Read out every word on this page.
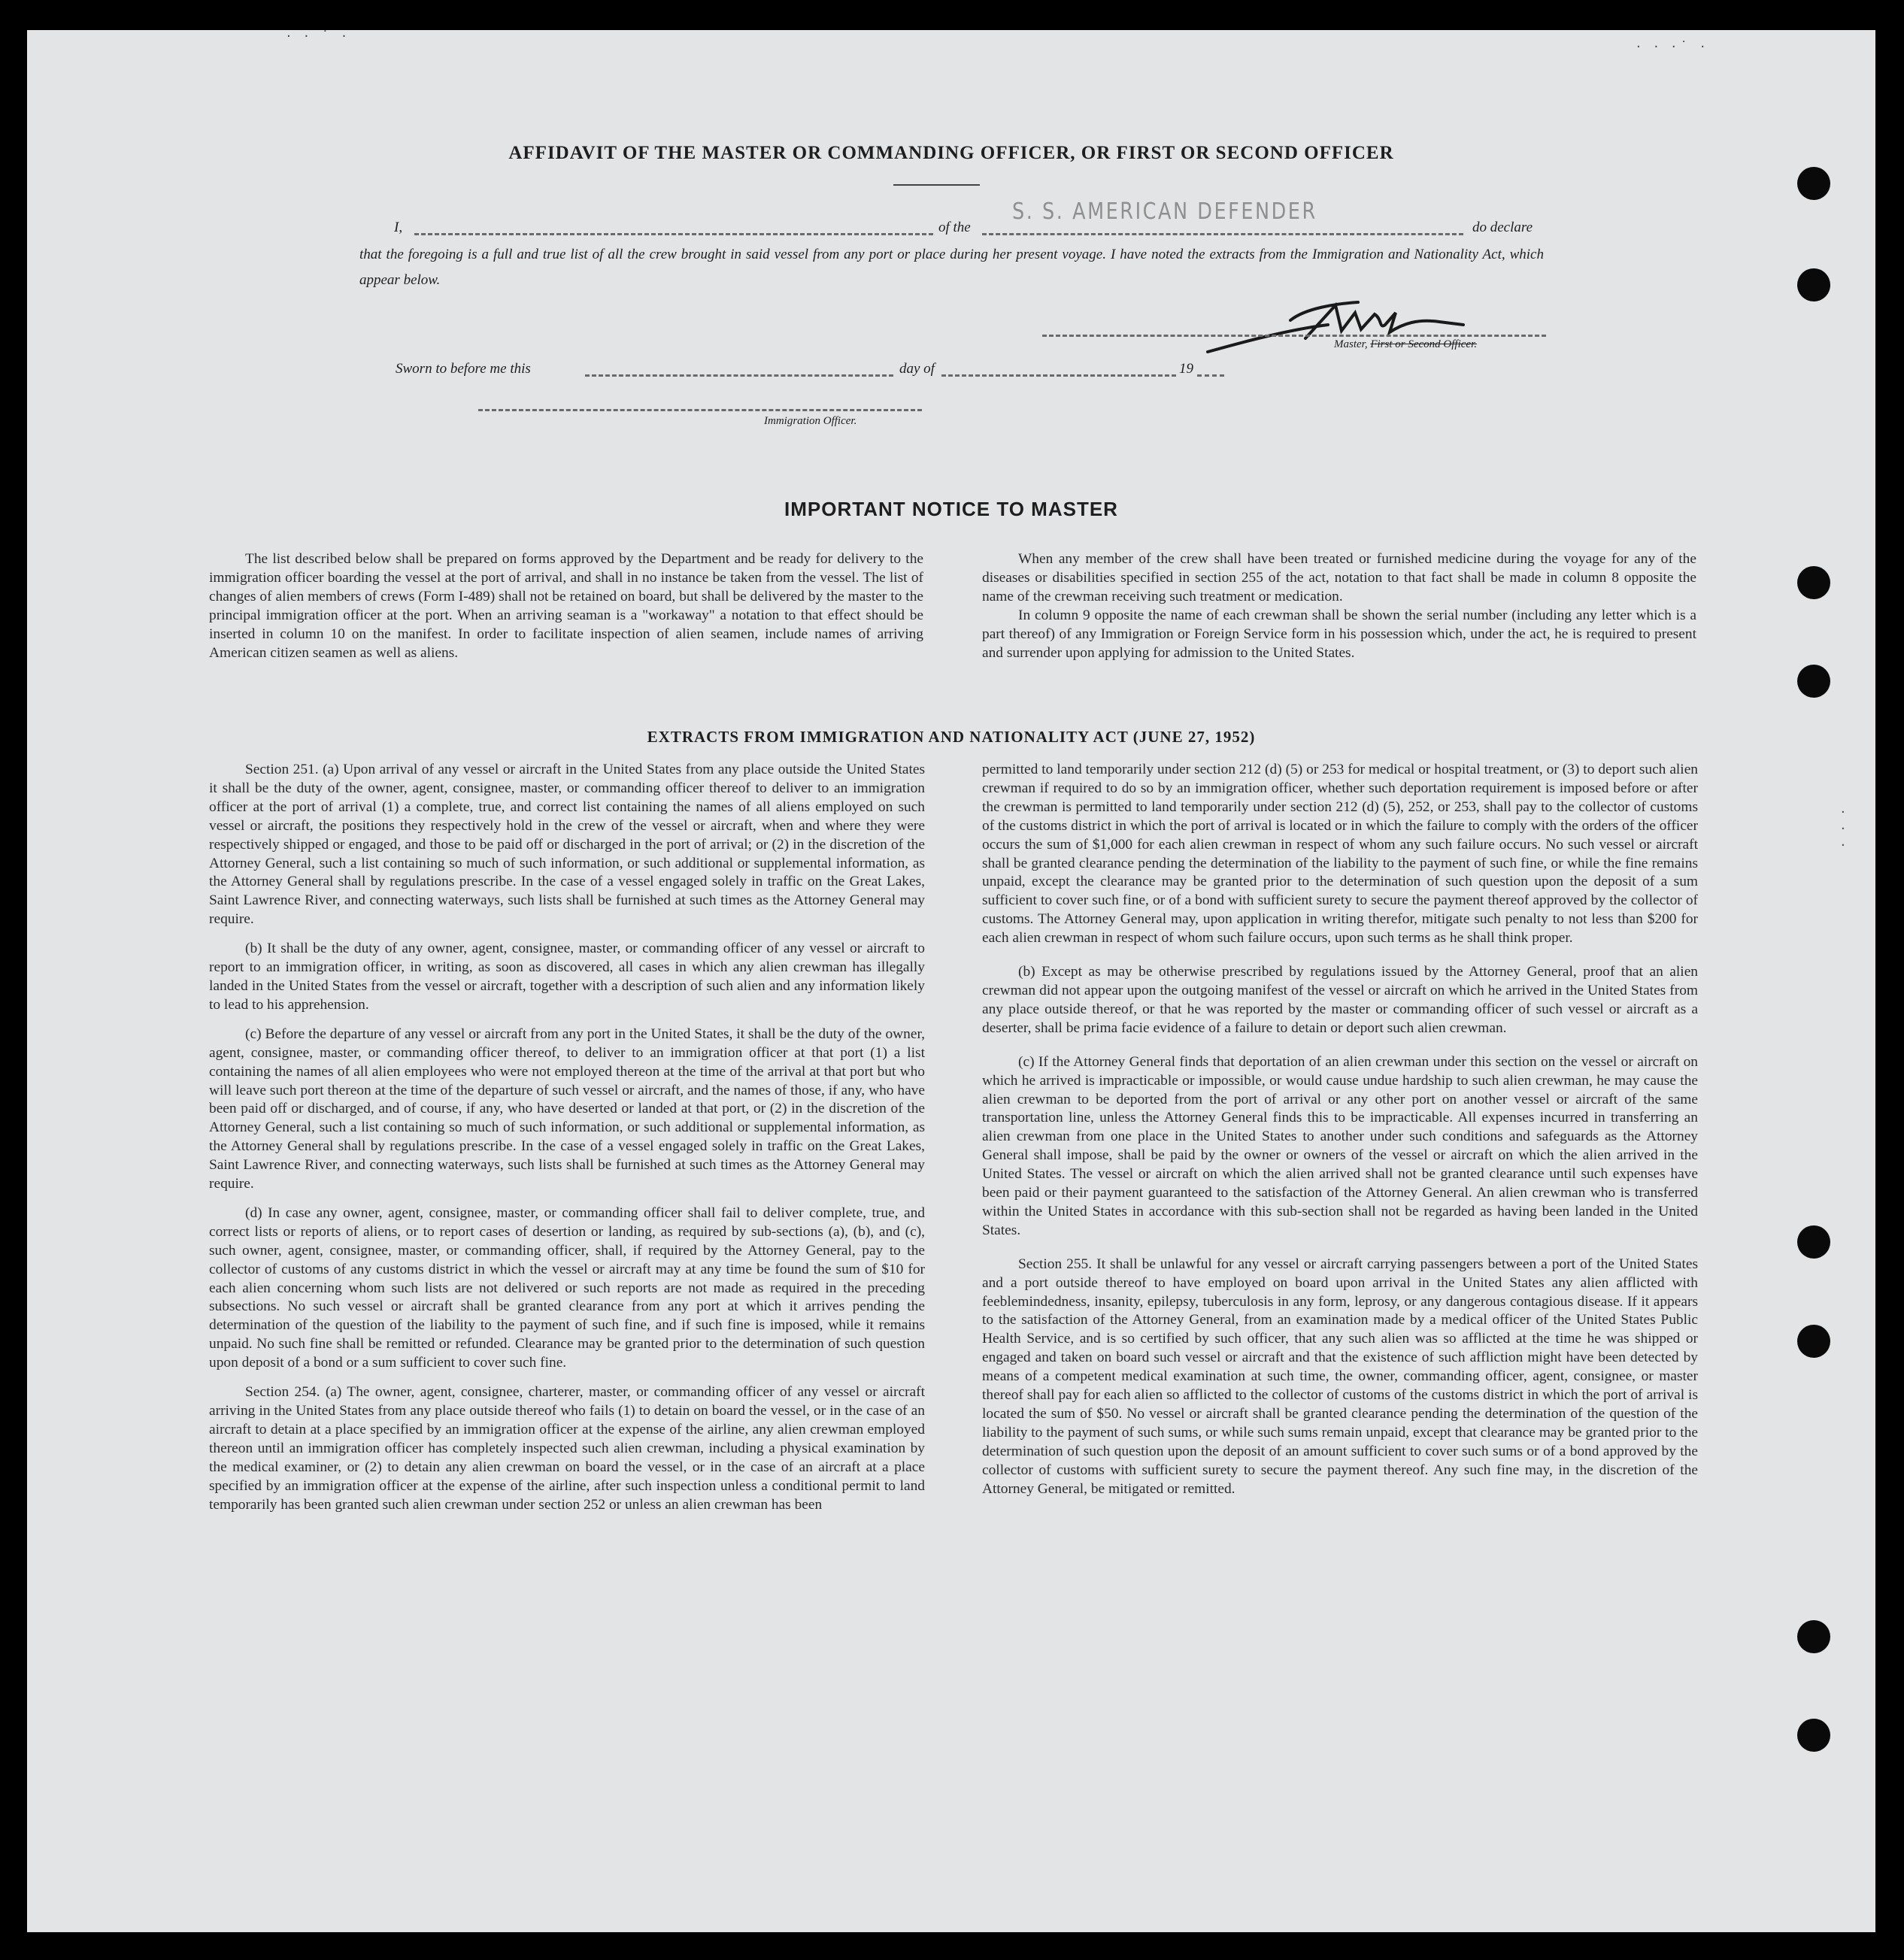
AFFIDAVIT OF THE MASTER OR COMMANDING OFFICER, OR FIRST OR SECOND OFFICER
I,	of the
S. S. AMERICAN DEFENDER
do declare
that the foregoing is a full and true list of all the crew brought in said vessel from any port or place during her present voyage. I have noted the extracts from the Immigration and Nationality Act, which appear below.
Master, First or Second Officer.
Sworn to before me this	day of	19
Immigration Officer.
IMPORTANT NOTICE TO MASTER

The list described below shall be prepared on forms approved by the Department and be ready for delivery to the immigration officer boarding the vessel at the port of arrival, and shall in no instance be taken from the vessel. The list of changes of alien members of crews (Form I-489) shall not be retained on board, but shall be delivered by the master to the principal immigration officer at the port. When an arriving seaman is a "workaway" a notation to that effect should be inserted in column 10 on the manifest. In order to facilitate inspection of alien seamen, include names of arriving American citizen seamen as well as aliens.

When any member of the crew shall have been treated or furnished medicine during the voyage for any of the diseases or disabilities specified in section 255 of the act, notation to that fact shall be made in column 8 opposite the name of the crewman receiving such treatment or medication.

In column 9 opposite the name of each crewman shall be shown the serial number (including any letter which is a part thereof) of any Immigration or Foreign Service form in his possession which, under the act, he is required to present and surrender upon applying for admission to the United States.

EXTRACTS FROM IMMIGRATION AND NATIONALITY ACT (JUNE 27, 1952)

Section 251. (a) Upon arrival of any vessel or aircraft in the United States from any place outside the United States it shall be the duty of the owner, agent, consignee, master, or commanding officer thereof to deliver to an immigration officer at the port of arrival (1) a complete, true, and correct list containing the names of all aliens employed on such vessel or aircraft, the positions they respectively hold in the crew of the vessel or aircraft, when and where they were respectively shipped or engaged, and those to be paid off or discharged in the port of arrival; or (2) in the discretion of the Attorney General, such a list containing so much of such information, or such additional or supplemental information, as the Attorney General shall by regulations prescribe. In the case of a vessel engaged solely in traffic on the Great Lakes, Saint Lawrence River, and connecting waterways, such lists shall be furnished at such times as the Attorney General may require.

(b) It shall be the duty of any owner, agent, consignee, master, or commanding officer of any vessel or aircraft to report to an immigration officer, in writing, as soon as discovered, all cases in which any alien crewman has illegally landed in the United States from the vessel or aircraft, together with a description of such alien and any information likely to lead to his apprehension.

(c) Before the departure of any vessel or aircraft from any port in the United States, it shall be the duty of the owner, agent, consignee, master, or commanding officer thereof, to deliver to an immigration officer at that port (1) a list containing the names of all alien employees who were not employed thereon at the time of the arrival at that port but who will leave such port thereon at the time of the departure of such vessel or aircraft, and the names of those, if any, who have been paid off or discharged, and of course, if any, who have deserted or landed at that port, or (2) in the discretion of the Attorney General, such a list containing so much of such information, or such additional or supplemental information, as the Attorney General shall by regulations prescribe. In the case of a vessel engaged solely in traffic on the Great Lakes, Saint Lawrence River, and connecting waterways, such lists shall be furnished at such times as the Attorney General may require.

(d) In case any owner, agent, consignee, master, or commanding officer shall fail to deliver complete, true, and correct lists or reports of aliens, or to report cases of desertion or landing, as required by sub-sections (a), (b), and (c), such owner, agent, consignee, master, or commanding officer, shall, if required by the Attorney General, pay to the collector of customs of any customs district in which the vessel or aircraft may at any time be found the sum of $10 for each alien concerning whom such lists are not delivered or such reports are not made as required in the preceding subsections. No such vessel or aircraft shall be granted clearance from any port at which it arrives pending the determination of the question of the liability to the payment of such fine, and if such fine is imposed, while it remains unpaid. No such fine shall be remitted or refunded. Clearance may be granted prior to the determination of such question upon deposit of a bond or a sum sufficient to cover such fine.

Section 254. (a) The owner, agent, consignee, charterer, master, or commanding officer of any vessel or aircraft arriving in the United States from any place outside thereof who fails (1) to detain on board the vessel, or in the case of an aircraft to detain at a place specified by an immigration officer at the expense of the airline, any alien crewman employed thereon until an immigration officer has completely inspected such alien crewman, including a physical examination by the medical examiner, or (2) to detain any alien crewman on board the vessel, or in the case of an aircraft at a place specified by an immigration officer at the expense of the airline, after such inspection unless a conditional permit to land temporarily has been granted such alien crewman under section 252 or unless an alien crewman has been

permitted to land temporarily under section 212 (d) (5) or 253 for medical or hospital treatment, or (3) to deport such alien crewman if required to do so by an immigration officer, whether such deportation requirement is imposed before or after the crewman is permitted to land temporarily under section 212 (d) (5), 252, or 253, shall pay to the collector of customs of the customs district in which the port of arrival is located or in which the failure to comply with the orders of the officer occurs the sum of $1,000 for each alien crewman in respect of whom any such failure occurs. No such vessel or aircraft shall be granted clearance pending the determination of the liability to the payment of such fine, or while the fine remains unpaid, except the clearance may be granted prior to the determination of such question upon the deposit of a sum sufficient to cover such fine, or of a bond with sufficient surety to secure the payment thereof approved by the collector of customs. The Attorney General may, upon application in writing therefor, mitigate such penalty to not less than $200 for each alien crewman in respect of whom such failure occurs, upon such terms as he shall think proper.

(b) Except as may be otherwise prescribed by regulations issued by the Attorney General, proof that an alien crewman did not appear upon the outgoing manifest of the vessel or aircraft on which he arrived in the United States from any place outside thereof, or that he was reported by the master or commanding officer of such vessel or aircraft as a deserter, shall be prima facie evidence of a failure to detain or deport such alien crewman.

(c) If the Attorney General finds that deportation of an alien crewman under this section on the vessel or aircraft on which he arrived is impracticable or impossible, or would cause undue hardship to such alien crewman, he may cause the alien crewman to be deported from the port of arrival or any other port on another vessel or aircraft of the same transportation line, unless the Attorney General finds this to be impracticable. All expenses incurred in transferring an alien crewman from one place in the United States to another under such conditions and safeguards as the Attorney General shall impose, shall be paid by the owner or owners of the vessel or aircraft on which the alien arrived in the United States. The vessel or aircraft on which the alien arrived shall not be granted clearance until such expenses have been paid or their payment guaranteed to the satisfaction of the Attorney General. An alien crewman who is transferred within the United States in accordance with this sub-section shall not be regarded as having been landed in the United States.

Section 255. It shall be unlawful for any vessel or aircraft carrying passengers between a port of the United States and a port outside thereof to have employed on board upon arrival in the United States any alien afflicted with feeblemindedness, insanity, epilepsy, tuberculosis in any form, leprosy, or any dangerous contagious disease. If it appears to the satisfaction of the Attorney General, from an examination made by a medical officer of the United States Public Health Service, and is so certified by such officer, that any such alien was so afflicted at the time he was shipped or engaged and taken on board such vessel or aircraft and that the existence of such affliction might have been detected by means of a competent medical examination at such time, the owner, commanding officer, agent, consignee, or master thereof shall pay for each alien so afflicted to the collector of customs of the customs district in which the port of arrival is located the sum of $50. No vessel or aircraft shall be granted clearance pending the determination of the question of the liability to the payment of such sums, or while such sums remain unpaid, except that clearance may be granted prior to the determination of such question upon the deposit of an amount sufficient to cover such sums or of a bond approved by the collector of customs with sufficient surety to secure the payment thereof. Any such fine may, in the discretion of the Attorney General, be mitigated or remitted.

· · ˙ ·
· · ·˙ ·
·
·
·
